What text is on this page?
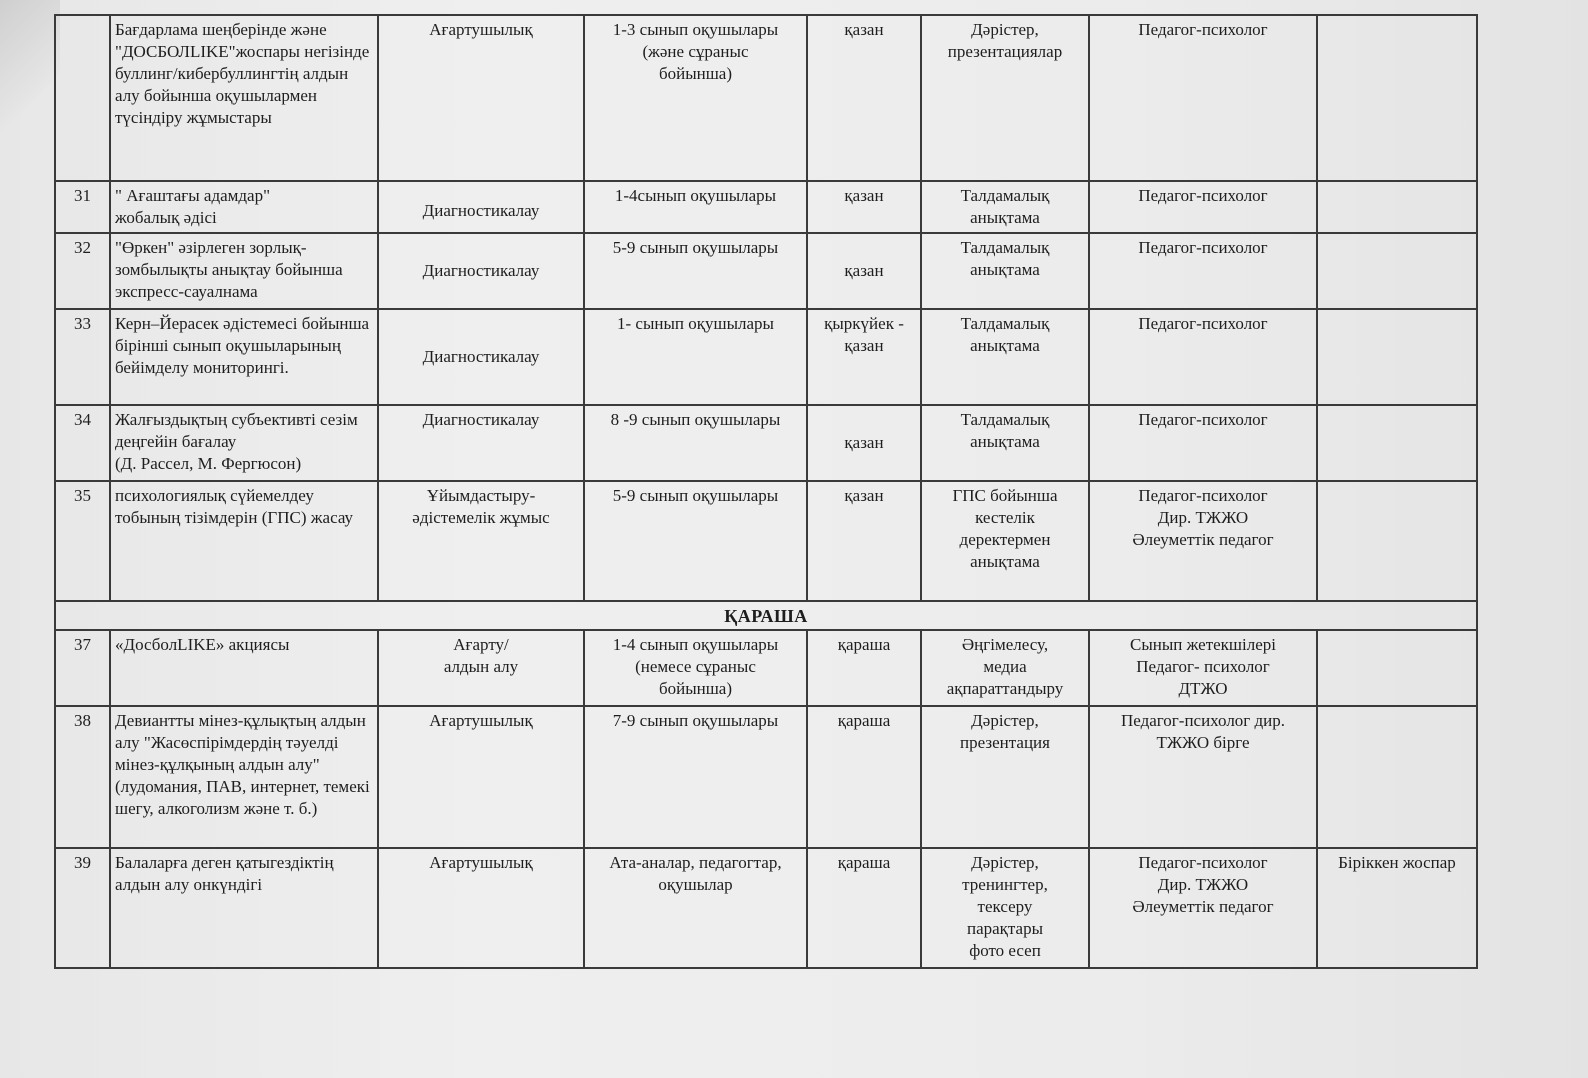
	Бағдарлама шеңберінде және "ДОСБОЛLIKE"жоспары негізінде буллинг/кибербуллингтің алдын алу бойынша оқушылармен түсіндіру жұмыстары	Ағартушылық	1-3 сынып оқушылары
(және сұраныс
бойынша)	қазан	Дәрістер,
презентациялар	Педагог-психолог	
31	" Ағаштағы адамдар"
жобалық әдісі	Диагностикалау	1-4сынып оқушылары	қазан	Талдамалық
анықтама	Педагог-психолог	
32	"Өркен" әзірлеген зорлық-зомбылықты анықтау бойынша экспресс-сауалнама	Диагностикалау	5-9 сынып оқушылары	қазан	Талдамалық
анықтама	Педагог-психолог	
33	Керн–Йерасек әдістемесі бойынша бірінші сынып оқушыларының бейімделу мониторингі.	Диагностикалау	1- сынып оқушылары	қыркүйек -
қазан	Талдамалық
анықтама	Педагог-психолог	
34	Жалғыздықтың субъективті сезім деңгейін бағалау
(Д. Рассел, М. Фергюсон)	Диагностикалау	8 -9 сынып оқушылары	қазан	Талдамалық
анықтама	Педагог-психолог	
35	психологиялық сүйемелдеу тобының тізімдерін (ГПС) жасау	Ұйымдастыру-
әдістемелік жұмыс	5-9 сынып оқушылары	қазан	ГПС бойынша
кестелік
деректермен
анықтама	Педагог-психолог
Дир. ТЖЖО
Әлеуметтік педагог	
ҚАРАША							
37	«ДосболLIKE» акциясы	Ағарту/
алдын алу	1-4 сынып оқушылары
(немесе сұраныс
бойынша)	қараша	Әңгімелесу,
медиа
ақпараттандыру	Сынып жетекшілері
Педагог- психолог
ДТЖО	
38	Девиантты мінез-құлықтың алдын алу "Жасөспірімдердің тәуелді мінез-құлқының алдын алу" (лудомания, ПАВ, интернет, темекі шегу, алкоголизм және т. б.)	Ағартушылық	7-9 сынып оқушылары	қараша	Дәрістер,
презентация	Педагог-психолог дир.
ТЖЖО бірге	
39	Балаларға деген қатыгездіктің алдын алу онкүндігі	Ағартушылық	Ата-аналар, педагогтар,
оқушылар	қараша	Дәрістер,
тренингтер,
тексеру
парақтары
фото есеп	Педагог-психолог
Дир. ТЖЖО
Әлеуметтік педагог	Біріккен жоспар
